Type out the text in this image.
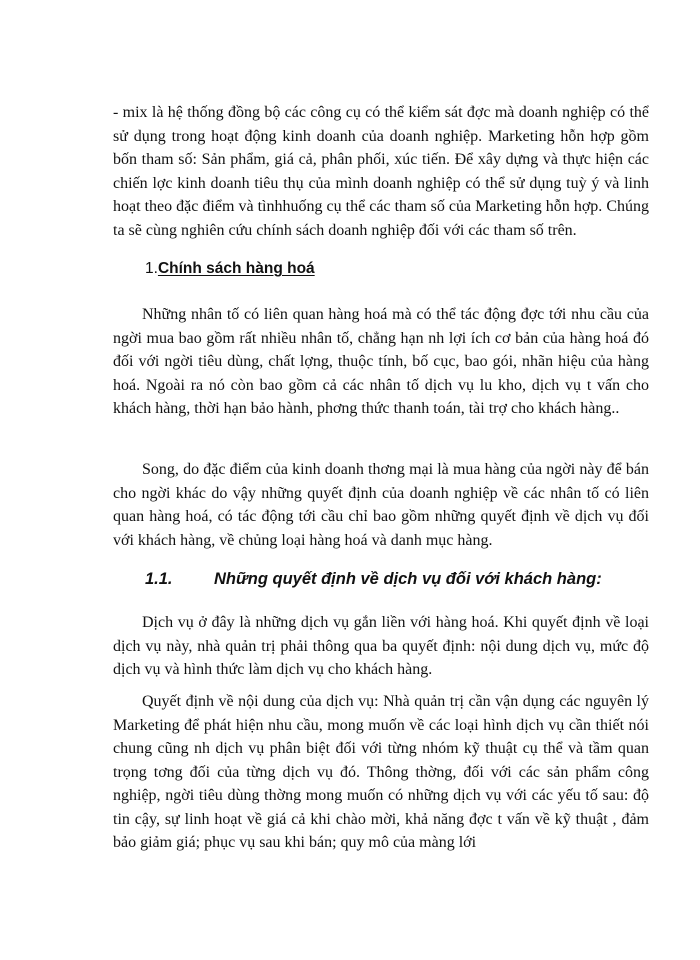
- mix là hệ thống đồng bộ các công cụ có thể kiểm sát đợc mà doanh nghiệp có thể sử dụng trong hoạt động kinh doanh của doanh nghiệp. Marketing hỗn hợp gồm bốn tham số: Sản phẩm, giá cả, phân phối, xúc tiến. Để xây dựng và thực hiện các chiến lợc kinh doanh tiêu thụ của mình doanh nghiệp có thể sử dụng tuỳ ý và linh hoạt theo đặc điểm và tìnhhuống cụ thể các tham số của Marketing hỗn hợp. Chúng ta sẽ cùng nghiên cứu chính sách doanh nghiệp đối với các tham số trên.

1.Chính sách hàng hoá

Những nhân tố có liên quan hàng hoá mà có thể tác động đợc tới nhu cầu của ngời mua bao gồm rất nhiều nhân tố, chẳng hạn nh lợi ích cơ bản của hàng hoá đó đối với ngời tiêu dùng, chất lợng, thuộc tính, bố cục, bao gói, nhãn hiệu của hàng hoá. Ngoài ra nó còn bao gồm cả các nhân tố dịch vụ lu kho, dịch vụ t vấn cho khách hàng, thời hạn bảo hành, phơng thức thanh toán, tài trợ cho khách hàng..

Song, do đặc điểm của kinh doanh thơng mại là mua hàng của ngời này để bán cho ngời khác do vậy những quyết định của doanh nghiệp về các nhân tố có liên quan hàng hoá, có tác động tới cầu chỉ bao gồm những quyết định về dịch vụ đối với khách hàng, về chủng loại hàng hoá và danh mục hàng.

1.1.	Những quyết định về dịch vụ đối với khách hàng:

Dịch vụ ở đây là những dịch vụ gắn liền với hàng hoá. Khi quyết định về loại dịch vụ này, nhà quản trị phải thông qua ba quyết định: nội dung dịch vụ, mức độ dịch vụ và hình thức làm dịch vụ cho khách hàng.

Quyết định về nội dung của dịch vụ: Nhà quản trị cần vận dụng các nguyên lý Marketing để phát hiện nhu cầu, mong muốn về các loại hình dịch vụ cần thiết nói chung cũng nh dịch vụ phân biệt đối với từng nhóm kỹ thuật cụ thể và tầm quan trọng tơng đối của từng dịch vụ đó. Thông thờng, đối với các sản phẩm công nghiệp, ngời tiêu dùng thờng mong muốn có những dịch vụ với các yếu tố sau: độ tin cậy, sự linh hoạt về giá cả khi chào mời, khả năng đợc t vấn về kỹ thuật , đảm bảo giảm giá; phục vụ sau khi bán; quy mô của màng lới
